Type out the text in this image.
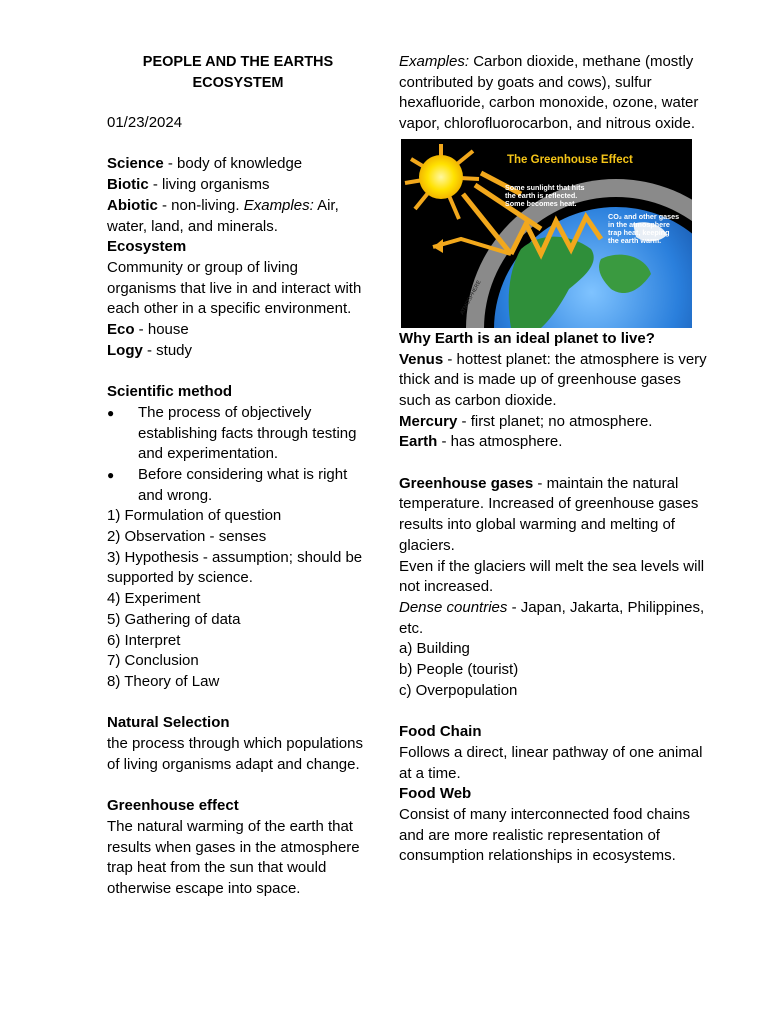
PEOPLE AND THE EARTHS
ECOSYSTEM

01/23/2024

Science - body of knowledge

Biotic - living organisms

Abiotic - non-living. Examples: Air, water, land, and minerals.

Ecosystem

Community or group of living organisms that live in and interact with each other in a specific environment.

Eco - house

Logy - study

Scientific method

●	The process of objectively establishing facts through testing and experimentation.
●	Before considering what is right and wrong.

1) Formulation of question

2) Observation - senses

3) Hypothesis - assumption; should be supported by science.

4) Experiment

5) Gathering of data

6) Interpret

7) Conclusion

8) Theory of Law

Natural Selection

the process through which populations of living organisms adapt and change.

Greenhouse effect

The natural warming of the earth that results when gases in the atmosphere trap heat from the sun that would otherwise escape into space.

Examples: Carbon dioxide, methane (mostly contributed by goats and cows), sulfur hexafluoride, carbon monoxide, ozone, water vapor, chlorofluorocarbon, and nitrous oxide.

The Greenhouse Effect
Some sunlight that hits the earth is reflected. Some becomes heat.
CO₂ and other gases in the atmosphere trap heat, keeping the earth warm.
ATMOSPHERE

Why Earth is an ideal planet to live?

Venus - hottest planet: the atmosphere is very thick and is made up of greenhouse gases such as carbon dioxide.

Mercury - first planet; no atmosphere.

Earth - has atmosphere.

Greenhouse gases - maintain the natural temperature. Increased of greenhouse gases results into global warming and melting of glaciers.

Even if the glaciers will melt the sea levels will not increased.

Dense countries - Japan, Jakarta, Philippines, etc.

a) Building

b) People (tourist)

c) Overpopulation

Food Chain

Follows a direct, linear pathway of one animal at a time.

Food Web

Consist of many interconnected food chains and are more realistic representation of consumption relationships in ecosystems.
